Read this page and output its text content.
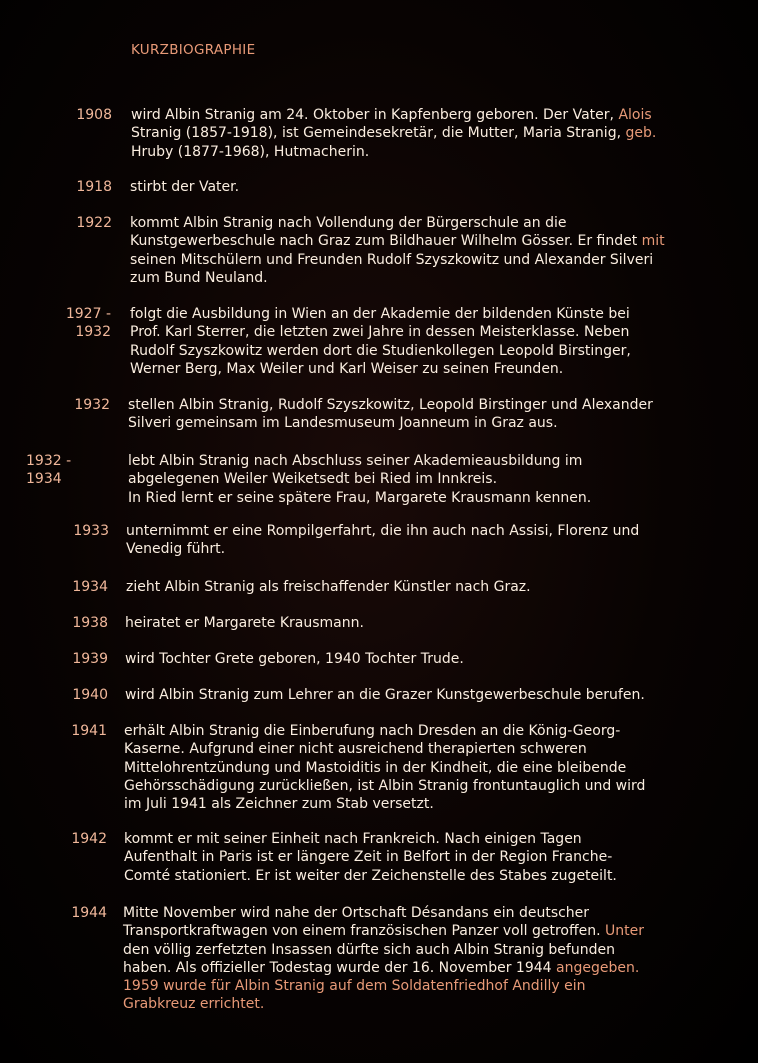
KURZBIOGRAPHIE
1908 wird Albin Stranig am 24. Oktober in Kapfenberg geboren. Der Vater, Alois
Stranig (1857-1918), ist Gemeindesekretär, die Mutter, Maria Stranig, geb.
Hruby (1877-1968), Hutmacherin.
1918 stirbt der Vater.
1922 kommt Albin Stranig nach Vollendung der Bürgerschule an die
Kunstgewerbeschule nach Graz zum Bildhauer Wilhelm Gösser. Er findet mit
seinen Mitschülern und Freunden Rudolf Szyszkowitz und Alexander Silveri
zum Bund Neuland.
1927 -
1932
folgt die Ausbildung in Wien an der Akademie der bildenden Künste bei
Prof. Karl Sterrer, die letzten zwei Jahre in dessen Meisterklasse. Neben
Rudolf Szyszkowitz werden dort die Studienkollegen Leopold Birstinger,
Werner Berg, Max Weiler und Karl Weiser zu seinen Freunden.
1932 stellen Albin Stranig, Rudolf Szyszkowitz, Leopold Birstinger und Alexander
Silveri gemeinsam im Landesmuseum Joanneum in Graz aus.
1932 -
1934
lebt Albin Stranig nach Abschluss seiner Akademieausbildung im
abgelegenen Weiler Weiketsedt bei Ried im Innkreis.
In Ried lernt er seine spätere Frau, Margarete Krausmann kennen.
1933 unternimmt er eine Rompilgerfahrt, die ihn auch nach Assisi, Florenz und
Venedig führt.
1934 zieht Albin Stranig als freischaffender Künstler nach Graz.
1938 heiratet er Margarete Krausmann.
1939 wird Tochter Grete geboren, 1940 Tochter Trude.
1940 wird Albin Stranig zum Lehrer an die Grazer Kunstgewerbeschule berufen.
1941 erhält Albin Stranig die Einberufung nach Dresden an die König-Georg-
Kaserne. Aufgrund einer nicht ausreichend therapierten schweren
Mittelohrentzündung und Mastoiditis in der Kindheit, die eine bleibende
Gehörsschädigung zurückließen, ist Albin Stranig frontuntauglich und wird
im Juli 1941 als Zeichner zum Stab versetzt.
1942 kommt er mit seiner Einheit nach Frankreich. Nach einigen Tagen
Aufenthalt in Paris ist er längere Zeit in Belfort in der Region Franche-
Comté stationiert. Er ist weiter der Zeichenstelle des Stabes zugeteilt.
1944 Mitte November wird nahe der Ortschaft Désandans ein deutscher
Transportkraftwagen von einem französischen Panzer voll getroffen. Unter
den völlig zerfetzten Insassen dürfte sich auch Albin Stranig befunden
haben. Als offizieller Todestag wurde der 16. November 1944 angegeben.
1959 wurde für Albin Stranig auf dem Soldatenfriedhof Andilly ein
Grabkreuz errichtet.
